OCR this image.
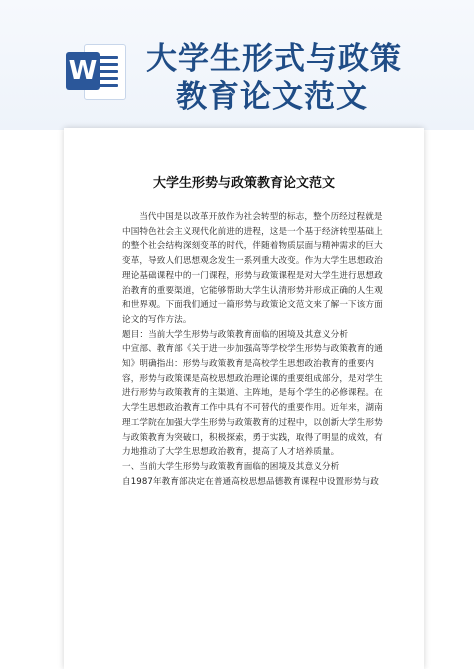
W 大学生形式与政策
教育论文范文
大学生形势与政策教育论文范文

当代中国是以改革开放作为社会转型的标志，整个历经过程就是中国特色社会主义现代化前进的进程，这是一个基于经济转型基础上的整个社会结构深刻变革的时代，伴随着物质层面与精神需求的巨大变革，导致人们思想观念发生一系列重大改变。作为大学生思想政治理论基础课程中的一门课程，形势与政策课程是对大学生进行思想政治教育的重要渠道，它能够帮助大学生认清形势并形成正确的人生观和世界观。下面我们通过一篇形势与政策论文范文来了解一下该方面论文的写作方法。

题目：当前大学生形势与政策教育面临的困境及其意义分析

中宣部、教育部《关于进一步加强高等学校学生形势与政策教育的通知》明确指出：形势与政策教育是高校学生思想政治教育的重要内容，形势与政策课是高校思想政治理论课的重要组成部分，是对学生进行形势与政策教育的主渠道、主阵地，是每个学生的必修课程。在大学生思想政治教育工作中具有不可替代的重要作用。近年来，湖南理工学院在加强大学生形势与政策教育的过程中，以创新大学生形势与政策教育为突破口，积极探索，勇于实践，取得了明显的成效，有力地推动了大学生思想政治教育，提高了人才培养质量。

一、当前大学生形势与政策教育面临的困境及其意义分析

自1987年教育部决定在普通高校思想品德教育课程中设置形势与政
